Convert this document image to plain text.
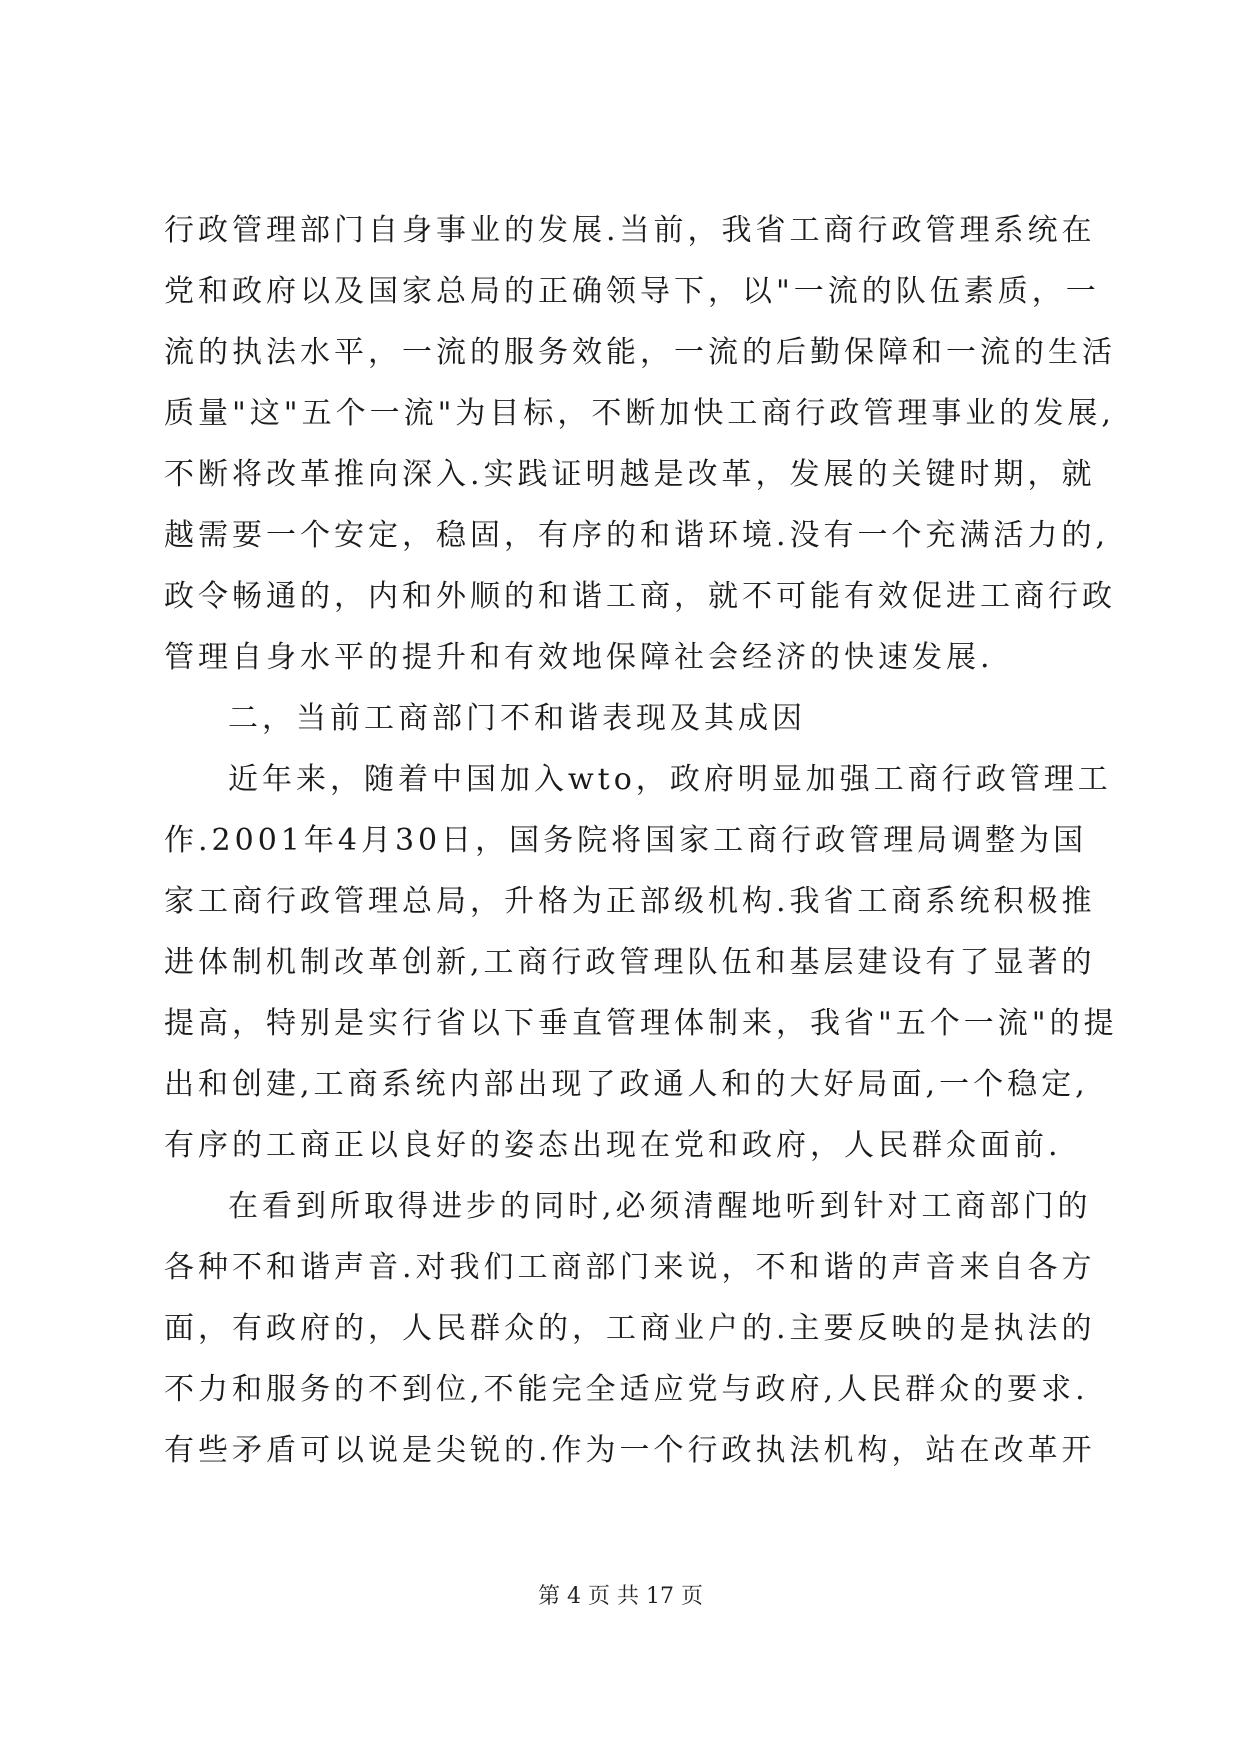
行政管理部门自身事业的发展.当前，我省工商行政管理系统在
党和政府以及国家总局的正确领导下，以"一流的队伍素质，一
流的执法水平，一流的服务效能，一流的后勤保障和一流的生活
质量"这"五个一流"为目标，不断加快工商行政管理事业的发展,
不断将改革推向深入.实践证明越是改革，发展的关键时期，就
越需要一个安定，稳固，有序的和谐环境.没有一个充满活力的,
政令畅通的，内和外顺的和谐工商，就不可能有效促进工商行政
管理自身水平的提升和有效地保障社会经济的快速发展.
二，当前工商部门不和谐表现及其成因
近年来，随着中国加入wto，政府明显加强工商行政管理工
作.2001年4月30日，国务院将国家工商行政管理局调整为国
家工商行政管理总局，升格为正部级机构.我省工商系统积极推
进体制机制改革创新,工商行政管理队伍和基层建设有了显著的
提高，特别是实行省以下垂直管理体制来，我省"五个一流"的提
出和创建,工商系统内部出现了政通人和的大好局面,一个稳定,
有序的工商正以良好的姿态出现在党和政府，人民群众面前.
在看到所取得进步的同时,必须清醒地听到针对工商部门的
各种不和谐声音.对我们工商部门来说，不和谐的声音来自各方
面，有政府的，人民群众的，工商业户的.主要反映的是执法的
不力和服务的不到位,不能完全适应党与政府,人民群众的要求.
有些矛盾可以说是尖锐的.作为一个行政执法机构，站在改革开
第 4 页 共 17 页
